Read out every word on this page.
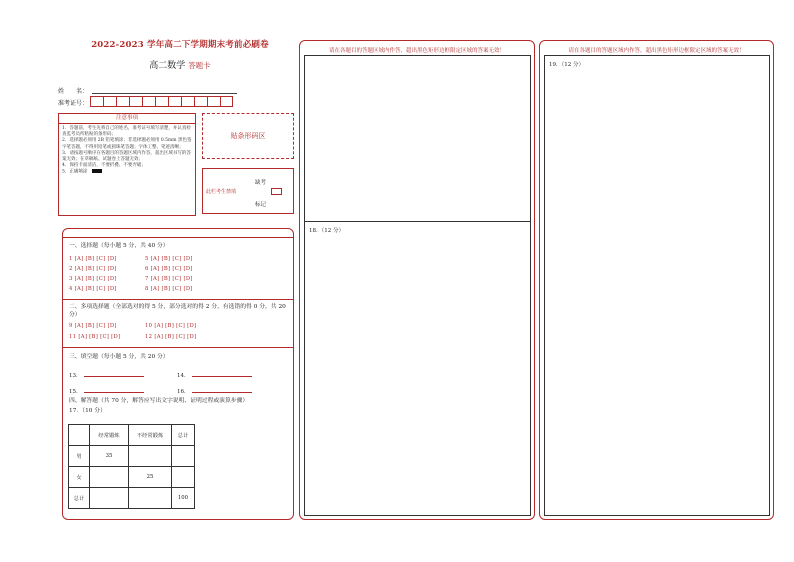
2022-2023 学年高二下学期期末考前必刷卷
高二数学 答题卡
姓　　名：
准考证号：
注意事项
1．答题前，考生先将自己的姓名，准考证号填写清楚，并认真检查监考员所粘贴的条形码；
2．选择题必须用 2B 铅笔填涂；非选择题必须用 0.5mm 黑色签字笔答题，不得用铅笔或圆珠笔答题；字体工整、笔迹清晰；
3．请按题号顺序在各题目的答题区域内作答，超出区域书写的答案无效；在草稿纸、试题卷上答题无效；
4．保持卡面清洁，不要折叠、不要弄破；
5．正确填涂
贴条形码区
缺考
此栏考生禁填
标记
一、选择题（每小题 5 分，共 40 分）
1 [A] [B] [C] [D]
2 [A] [B] [C] [D]
3 [A] [B] [C] [D]
4 [A] [B] [C] [D]
5 [A] [B] [C] [D]
6 [A] [B] [C] [D]
7 [A] [B] [C] [D]
8 [A] [B] [C] [D]
二、多项选择题（全部选对的得 5 分，部分选对的得 2 分，有选错的得 0 分，共 20 分）
9 [A] [B] [C] [D]	10 [A] [B] [C] [D]
11 [A] [B] [C] [D]	12 [A] [B] [C] [D]
三、填空题（每小题 5 分，共 20 分）
13．	14．
15．	16．
四、解答题（共 70 分，解答应写出文字说明、证明过程或演算步骤）
17．（10 分）
	经常锻炼	不经常锻炼	总计
男	35		
女		25	
总计			100
请在各题目的答题区域内作答，超出黑色矩形边框限定区域的答案无效！
18．（12 分）
请在各题目的答题区域内作答，超出黑色矩形边框限定区域的答案无效！
19．（12 分）
